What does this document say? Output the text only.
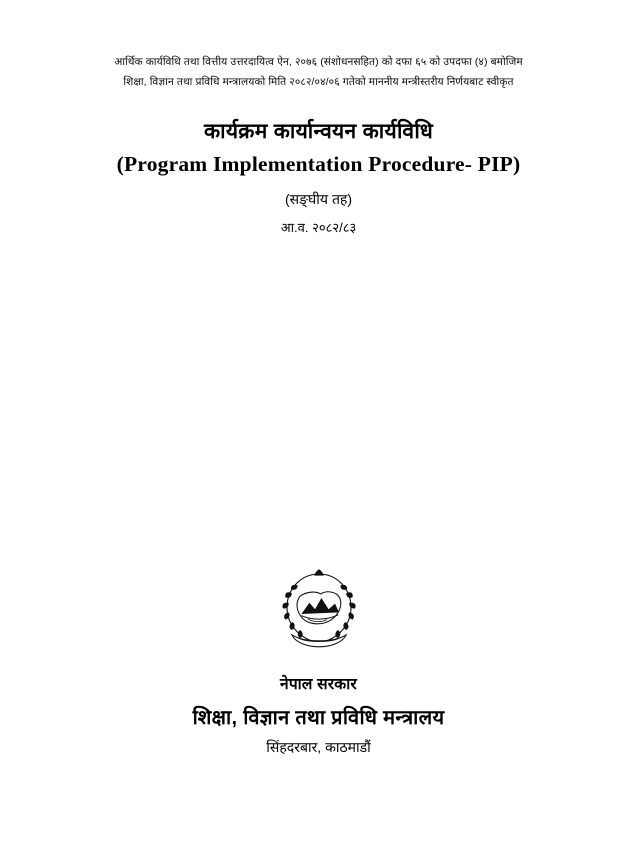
आर्थिक कार्यविधि तथा वित्तीय उत्तरदायित्व ऐन, २०७६ (संशोधनसहित) को दफा ६५ को उपदफा (४) बमोजिम
शिक्षा, विज्ञान तथा प्रविधि मन्त्रालयको मिति २०८२/०४/०६ गतेको माननीय मन्त्रीस्तरीय निर्णयबाट स्वीकृत
कार्यक्रम कार्यान्वयन कार्यविधि
(Program Implementation Procedure- PIP)
(सङ्‌घीय तह)
आ.व. २०८२/८३
नेपाल सरकार
शिक्षा, विज्ञान तथा प्रविधि मन्त्रालय
सिंहदरबार, काठमाडौं
